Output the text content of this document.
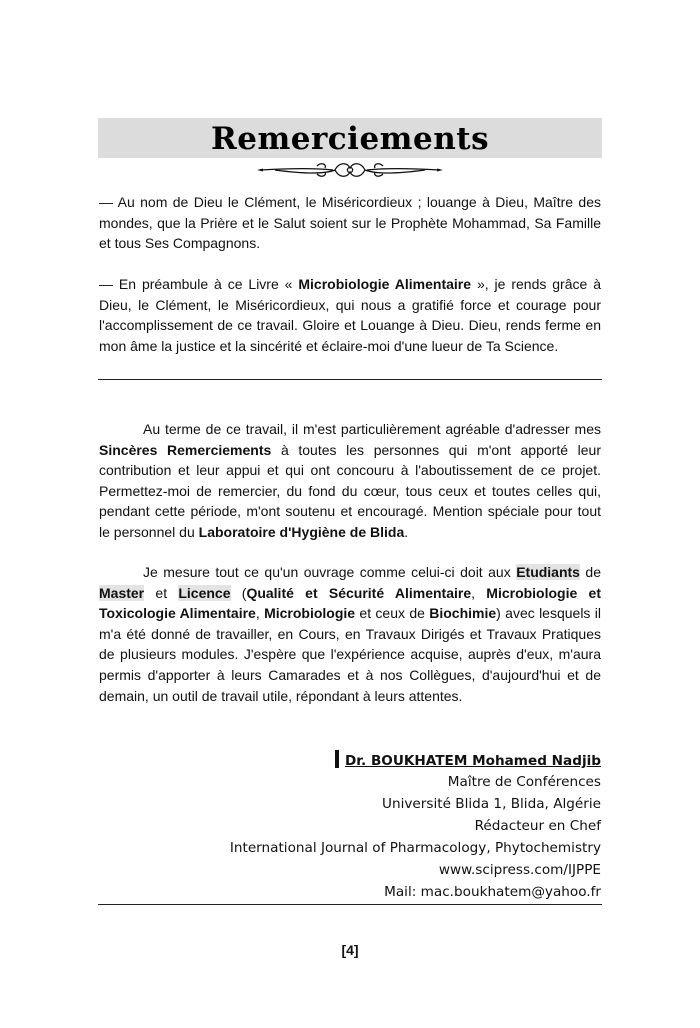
Remerciements

— Au nom de Dieu le Clément, le Miséricordieux ; louange à Dieu, Maître des mondes, que la Prière et le Salut soient sur le Prophète Mohammad, Sa Famille et tous Ses Compagnons.

— En préambule à ce Livre « Microbiologie Alimentaire », je rends grâce à Dieu, le Clément, le Miséricordieux, qui nous a gratifié force et courage pour l'accomplissement de ce travail. Gloire et Louange à Dieu. Dieu, rends ferme en mon âme la justice et la sincérité et éclaire-moi d'une lueur de Ta Science.

Au terme de ce travail, il m'est particulièrement agréable d'adresser mes Sincères Remerciements à toutes les personnes qui m'ont apporté leur contribution et leur appui et qui ont concouru à l'aboutissement de ce projet. Permettez-moi de remercier, du fond du cœur, tous ceux et toutes celles qui, pendant cette période, m'ont soutenu et encouragé. Mention spéciale pour tout le personnel du Laboratoire d'Hygiène de Blida.

Je mesure tout ce qu'un ouvrage comme celui-ci doit aux Etudiants de Master et Licence (Qualité et Sécurité Alimentaire, Microbiologie et Toxicologie Alimentaire, Microbiologie et ceux de Biochimie) avec lesquels il m'a été donné de travailler, en Cours, en Travaux Dirigés et Travaux Pratiques de plusieurs modules. J'espère que l'expérience acquise, auprès d'eux, m'aura permis d'apporter à leurs Camarades et à nos Collègues, d'aujourd'hui et de demain, un outil de travail utile, répondant à leurs attentes.

Dr. BOUKHATEM Mohamed Nadjib
Maître de Conférences
Université Blida 1, Blida, Algérie
Rédacteur en Chef
International Journal of Pharmacology, Phytochemistry
www.scipress.com/IJPPE
Mail: mac.boukhatem@yahoo.fr
[4]
